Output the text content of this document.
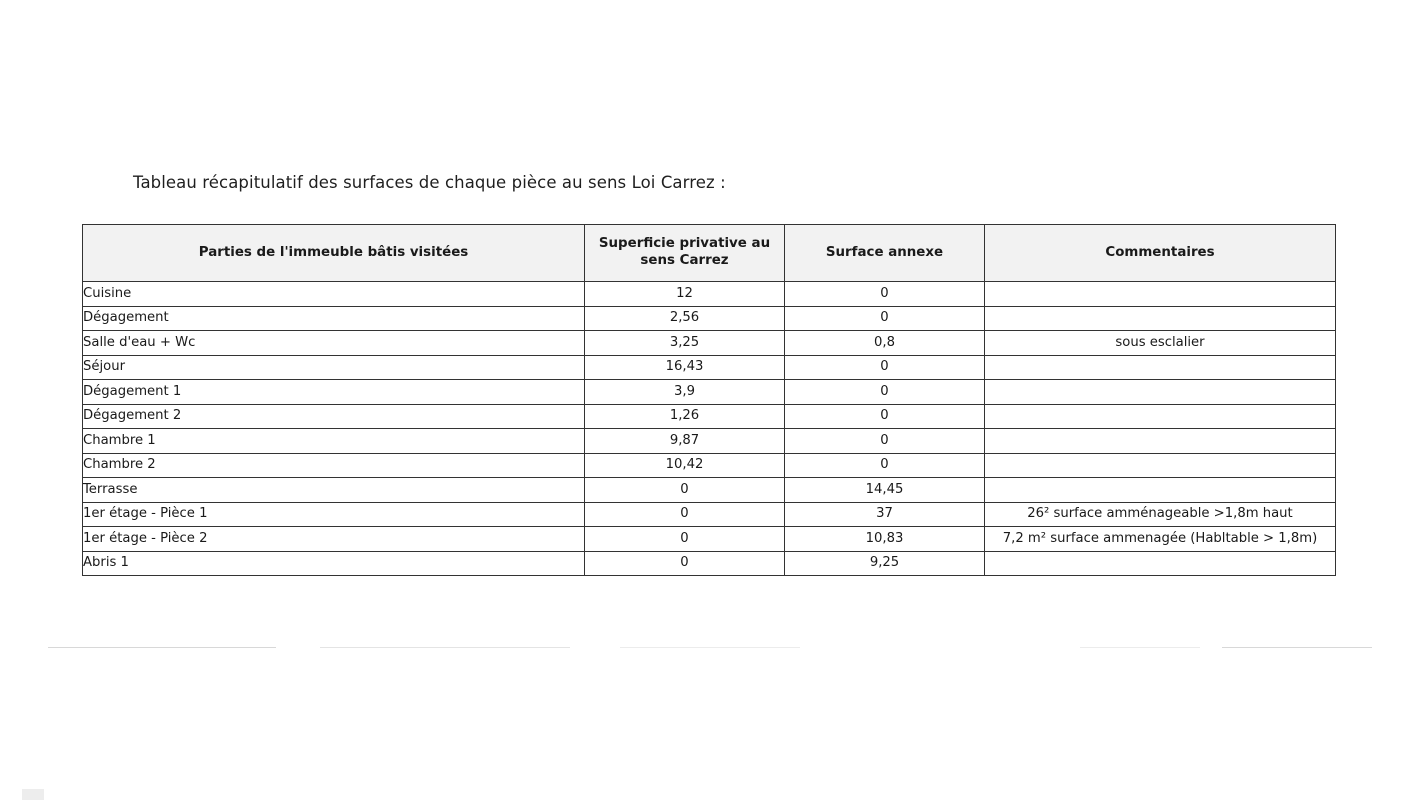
Tableau récapitulatif des surfaces de chaque pièce au sens Loi Carrez :
Parties de l'immeuble bâtis visitées	Superficie privative au sens Carrez	Surface annexe	Commentaires
Cuisine	12	0	
Dégagement	2,56	0	
Salle d'eau + Wc	3,25	0,8	sous esclalier
Séjour	16,43	0	
Dégagement 1	3,9	0	
Dégagement 2	1,26	0	
Chambre 1	9,87	0	
Chambre 2	10,42	0	
Terrasse	0	14,45	
1er étage - Pièce 1	0	37	26² surface amménageable >1,8m haut
1er étage - Pièce 2	0	10,83	7,2 m² surface ammenagée (Habltable > 1,8m)
Abris 1	0	9,25	
